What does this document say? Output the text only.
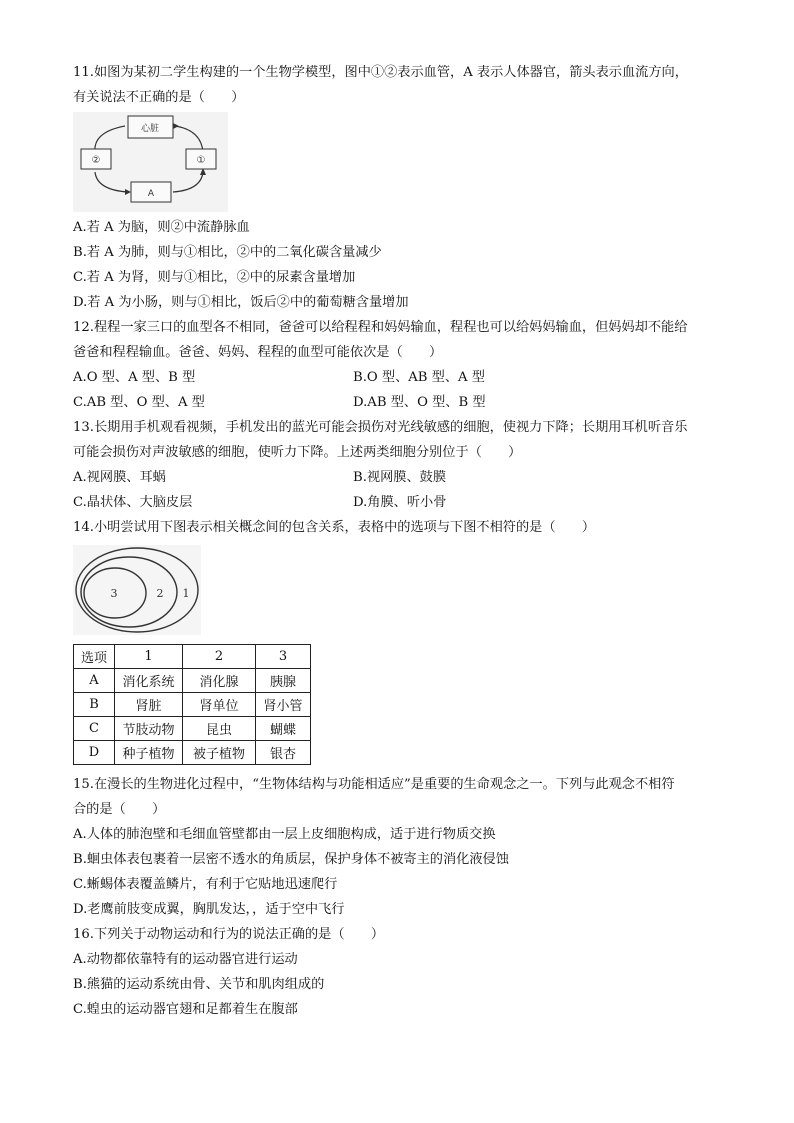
11.如图为某初二学生构建的一个生物学模型，图中①②表示血管，A 表示人体器官，箭头表示血流方向，
有关说法不正确的是（　　）
心脏
②	①
A
A.若 A 为脑，则②中流静脉血
B.若 A 为肺，则与①相比，②中的二氧化碳含量减少
C.若 A 为肾，则与①相比，②中的尿素含量增加
D.若 A 为小肠，则与①相比，饭后②中的葡萄糖含量增加
12.程程一家三口的血型各不相同，爸爸可以给程程和妈妈输血，程程也可以给妈妈输血，但妈妈却不能给
爸爸和程程输血。爸爸、妈妈、程程的血型可能依次是（　　）
A.O 型、A 型、B 型	B.O 型、AB 型、A 型
C.AB 型、O 型、A 型	D.AB 型、O 型、B 型
13.长期用手机观看视频，手机发出的蓝光可能会损伤对光线敏感的细胞，使视力下降；长期用耳机听音乐
可能会损伤对声波敏感的细胞，使听力下降。上述两类细胞分别位于（　　）
A.视网膜、耳蜗	B.视网膜、鼓膜
C.晶状体、大脑皮层	D.角膜、听小骨
14.小明尝试用下图表示相关概念间的包含关系，表格中的选项与下图不相符的是（　　）
3	2 1
选项	1	2	3
A	消化系统	消化腺	胰腺
B	肾脏	肾单位	肾小管
C	节肢动物	昆虫	蝴蝶
D	种子植物	被子植物	银杏
15.在漫长的生物进化过程中，“生物体结构与功能相适应”是重要的生命观念之一。下列与此观念不相符
合的是（　　）
A.人体的肺泡壁和毛细血管壁都由一层上皮细胞构成，适于进行物质交换
B.蛔虫体表包裹着一层密不透水的角质层，保护身体不被寄主的消化液侵蚀
C.蜥蜴体表覆盖鳞片，有利于它贴地迅速爬行
D.老鹰前肢变成翼，胸肌发达，，适于空中飞行
16.下列关于动物运动和行为的说法正确的是（　　）
A.动物都依靠特有的运动器官进行运动
B.熊猫的运动系统由骨、关节和肌肉组成的
C.蝗虫的运动器官翅和足都着生在腹部
